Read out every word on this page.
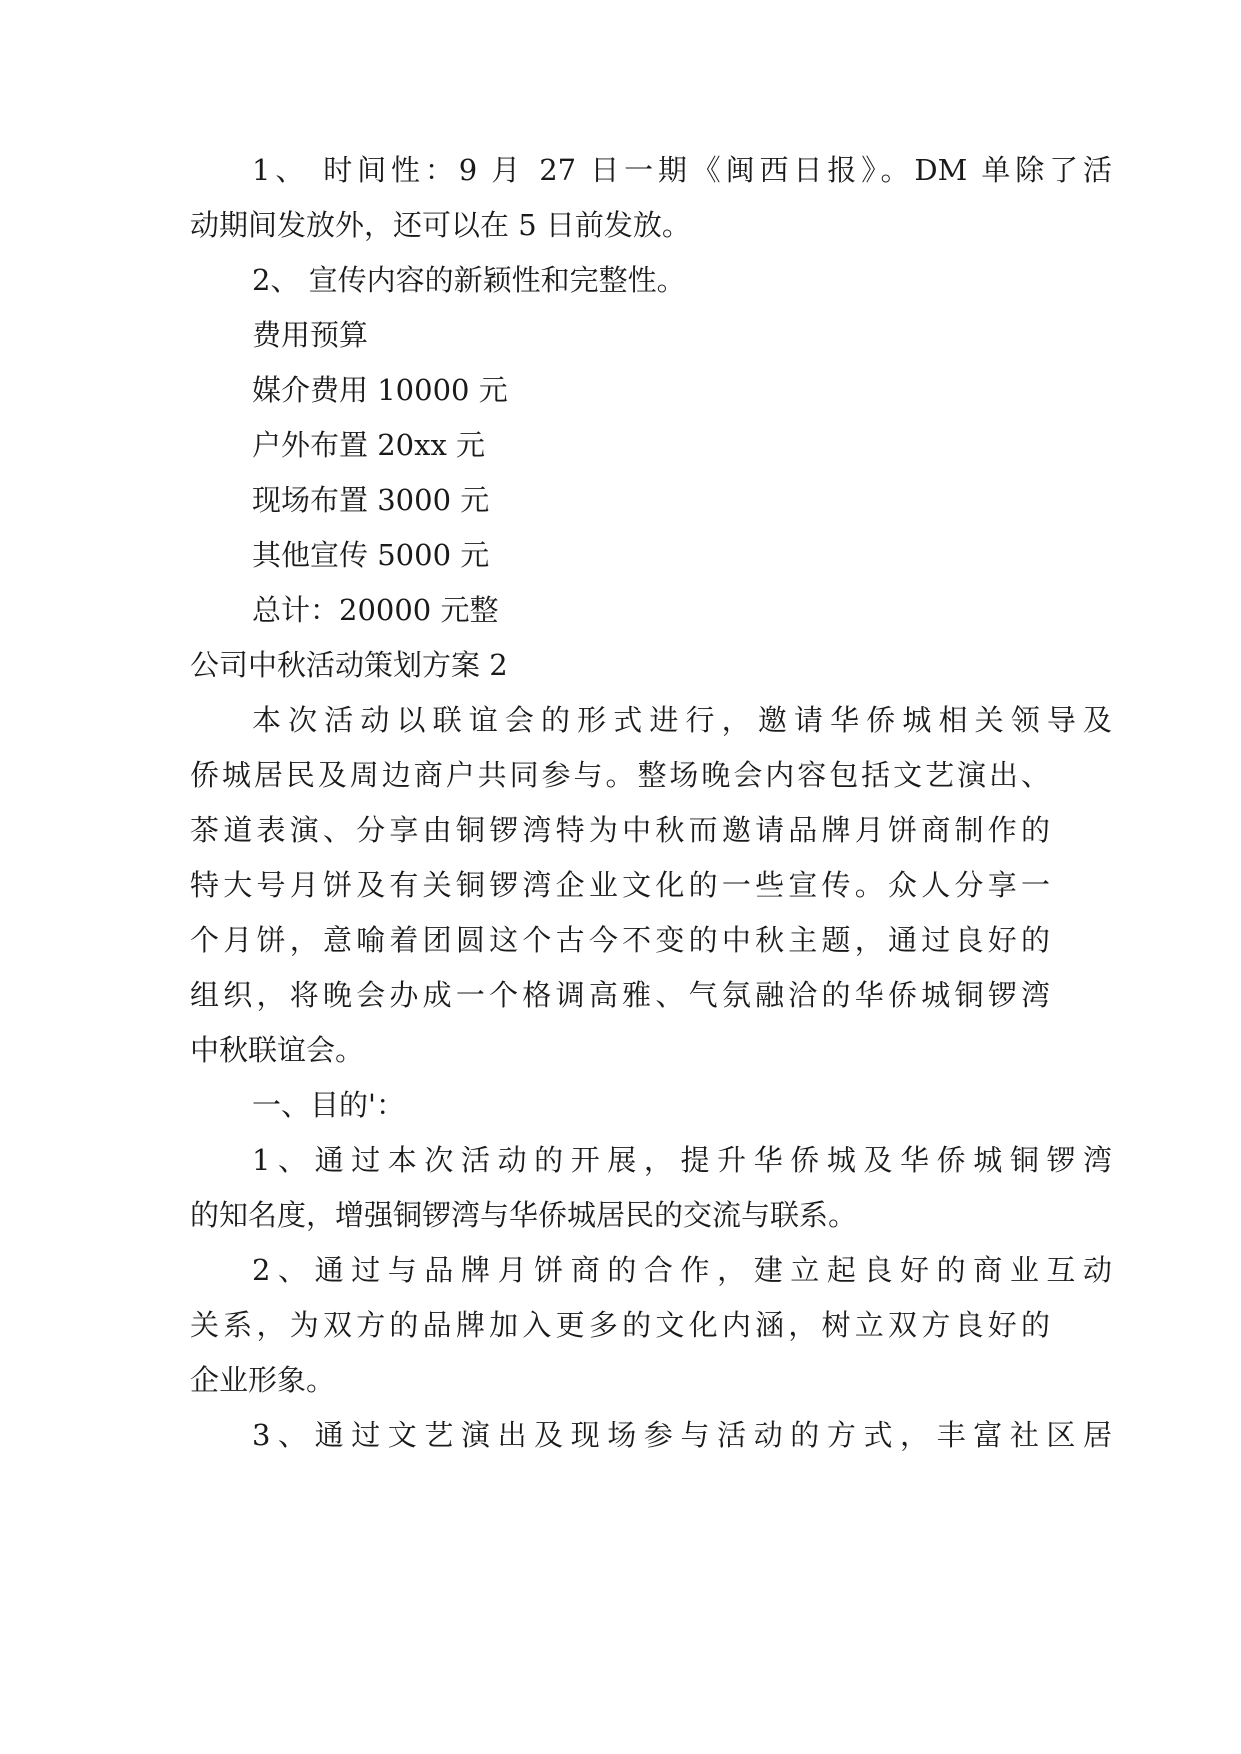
1、 时间性：9 月 27 日一期《闽西日报》。DM 单除了活
动期间发放外，还可以在 5 日前发放。
2、 宣传内容的新颖性和完整性。
费用预算
媒介费用 10000 元
户外布置 20xx 元
现场布置 3000 元
其他宣传 5000 元
总计：20000 元整
公司中秋活动策划方案 2
本次活动以联谊会的形式进行，邀请华侨城相关领导及
侨城居民及周边商户共同参与。整场晚会内容包括文艺演出、
茶道表演、分享由铜锣湾特为中秋而邀请品牌月饼商制作的
特大号月饼及有关铜锣湾企业文化的一些宣传。众人分享一
个月饼，意喻着团圆这个古今不变的中秋主题，通过良好的
组织，将晚会办成一个格调高雅、气氛融洽的华侨城铜锣湾
中秋联谊会。
一、目的'：
1、通过本次活动的开展，提升华侨城及华侨城铜锣湾
的知名度，增强铜锣湾与华侨城居民的交流与联系。
2、通过与品牌月饼商的合作，建立起良好的商业互动
关系，为双方的品牌加入更多的文化内涵，树立双方良好的
企业形象。
3、通过文艺演出及现场参与活动的方式，丰富社区居
